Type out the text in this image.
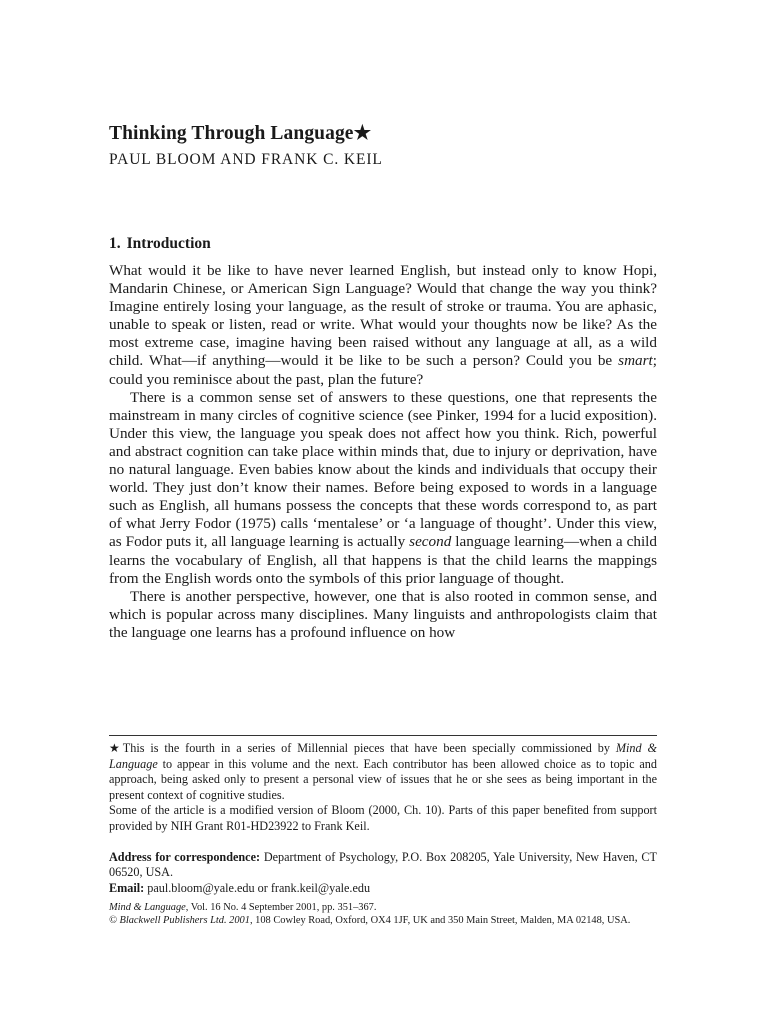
Thinking Through Language★
PAUL BLOOM AND FRANK C. KEIL
1. Introduction

What would it be like to have never learned English, but instead only to know Hopi, Mandarin Chinese, or American Sign Language? Would that change the way you think? Imagine entirely losing your language, as the result of stroke or trauma. You are aphasic, unable to speak or listen, read or write. What would your thoughts now be like? As the most extreme case, imagine having been raised without any language at all, as a wild child. What—if anything—would it be like to be such a person? Could you be smart; could you reminisce about the past, plan the future?

There is a common sense set of answers to these questions, one that represents the mainstream in many circles of cognitive science (see Pinker, 1994 for a lucid exposition). Under this view, the language you speak does not affect how you think. Rich, powerful and abstract cognition can take place within minds that, due to injury or deprivation, have no natural language. Even babies know about the kinds and individuals that occupy their world. They just don’t know their names. Before being exposed to words in a language such as English, all humans possess the concepts that these words correspond to, as part of what Jerry Fodor (1975) calls ‘mentalese’ or ‘a language of thought’. Under this view, as Fodor puts it, all language learning is actually second language learning—when a child learns the vocabulary of English, all that happens is that the child learns the mappings from the English words onto the symbols of this prior language of thought.

There is another perspective, however, one that is also rooted in common sense, and which is popular across many disciplines. Many linguists and anthropologists claim that the language one learns has a profound influence on how

★This is the fourth in a series of Millennial pieces that have been specially commissioned by Mind & Language to appear in this volume and the next. Each contributor has been allowed choice as to topic and approach, being asked only to present a personal view of issues that he or she sees as being important in the present context of cognitive studies.

Some of the article is a modified version of Bloom (2000, Ch. 10). Parts of this paper benefited from support provided by NIH Grant R01-HD23922 to Frank Keil.

Address for correspondence: Department of Psychology, P.O. Box 208205, Yale University, New Haven, CT 06520, USA.

Email: paul.bloom@yale.edu or frank.keil@yale.edu

Mind & Language, Vol. 16 No. 4 September 2001, pp. 351–367.

© Blackwell Publishers Ltd. 2001, 108 Cowley Road, Oxford, OX4 1JF, UK and 350 Main Street, Malden, MA 02148, USA.
